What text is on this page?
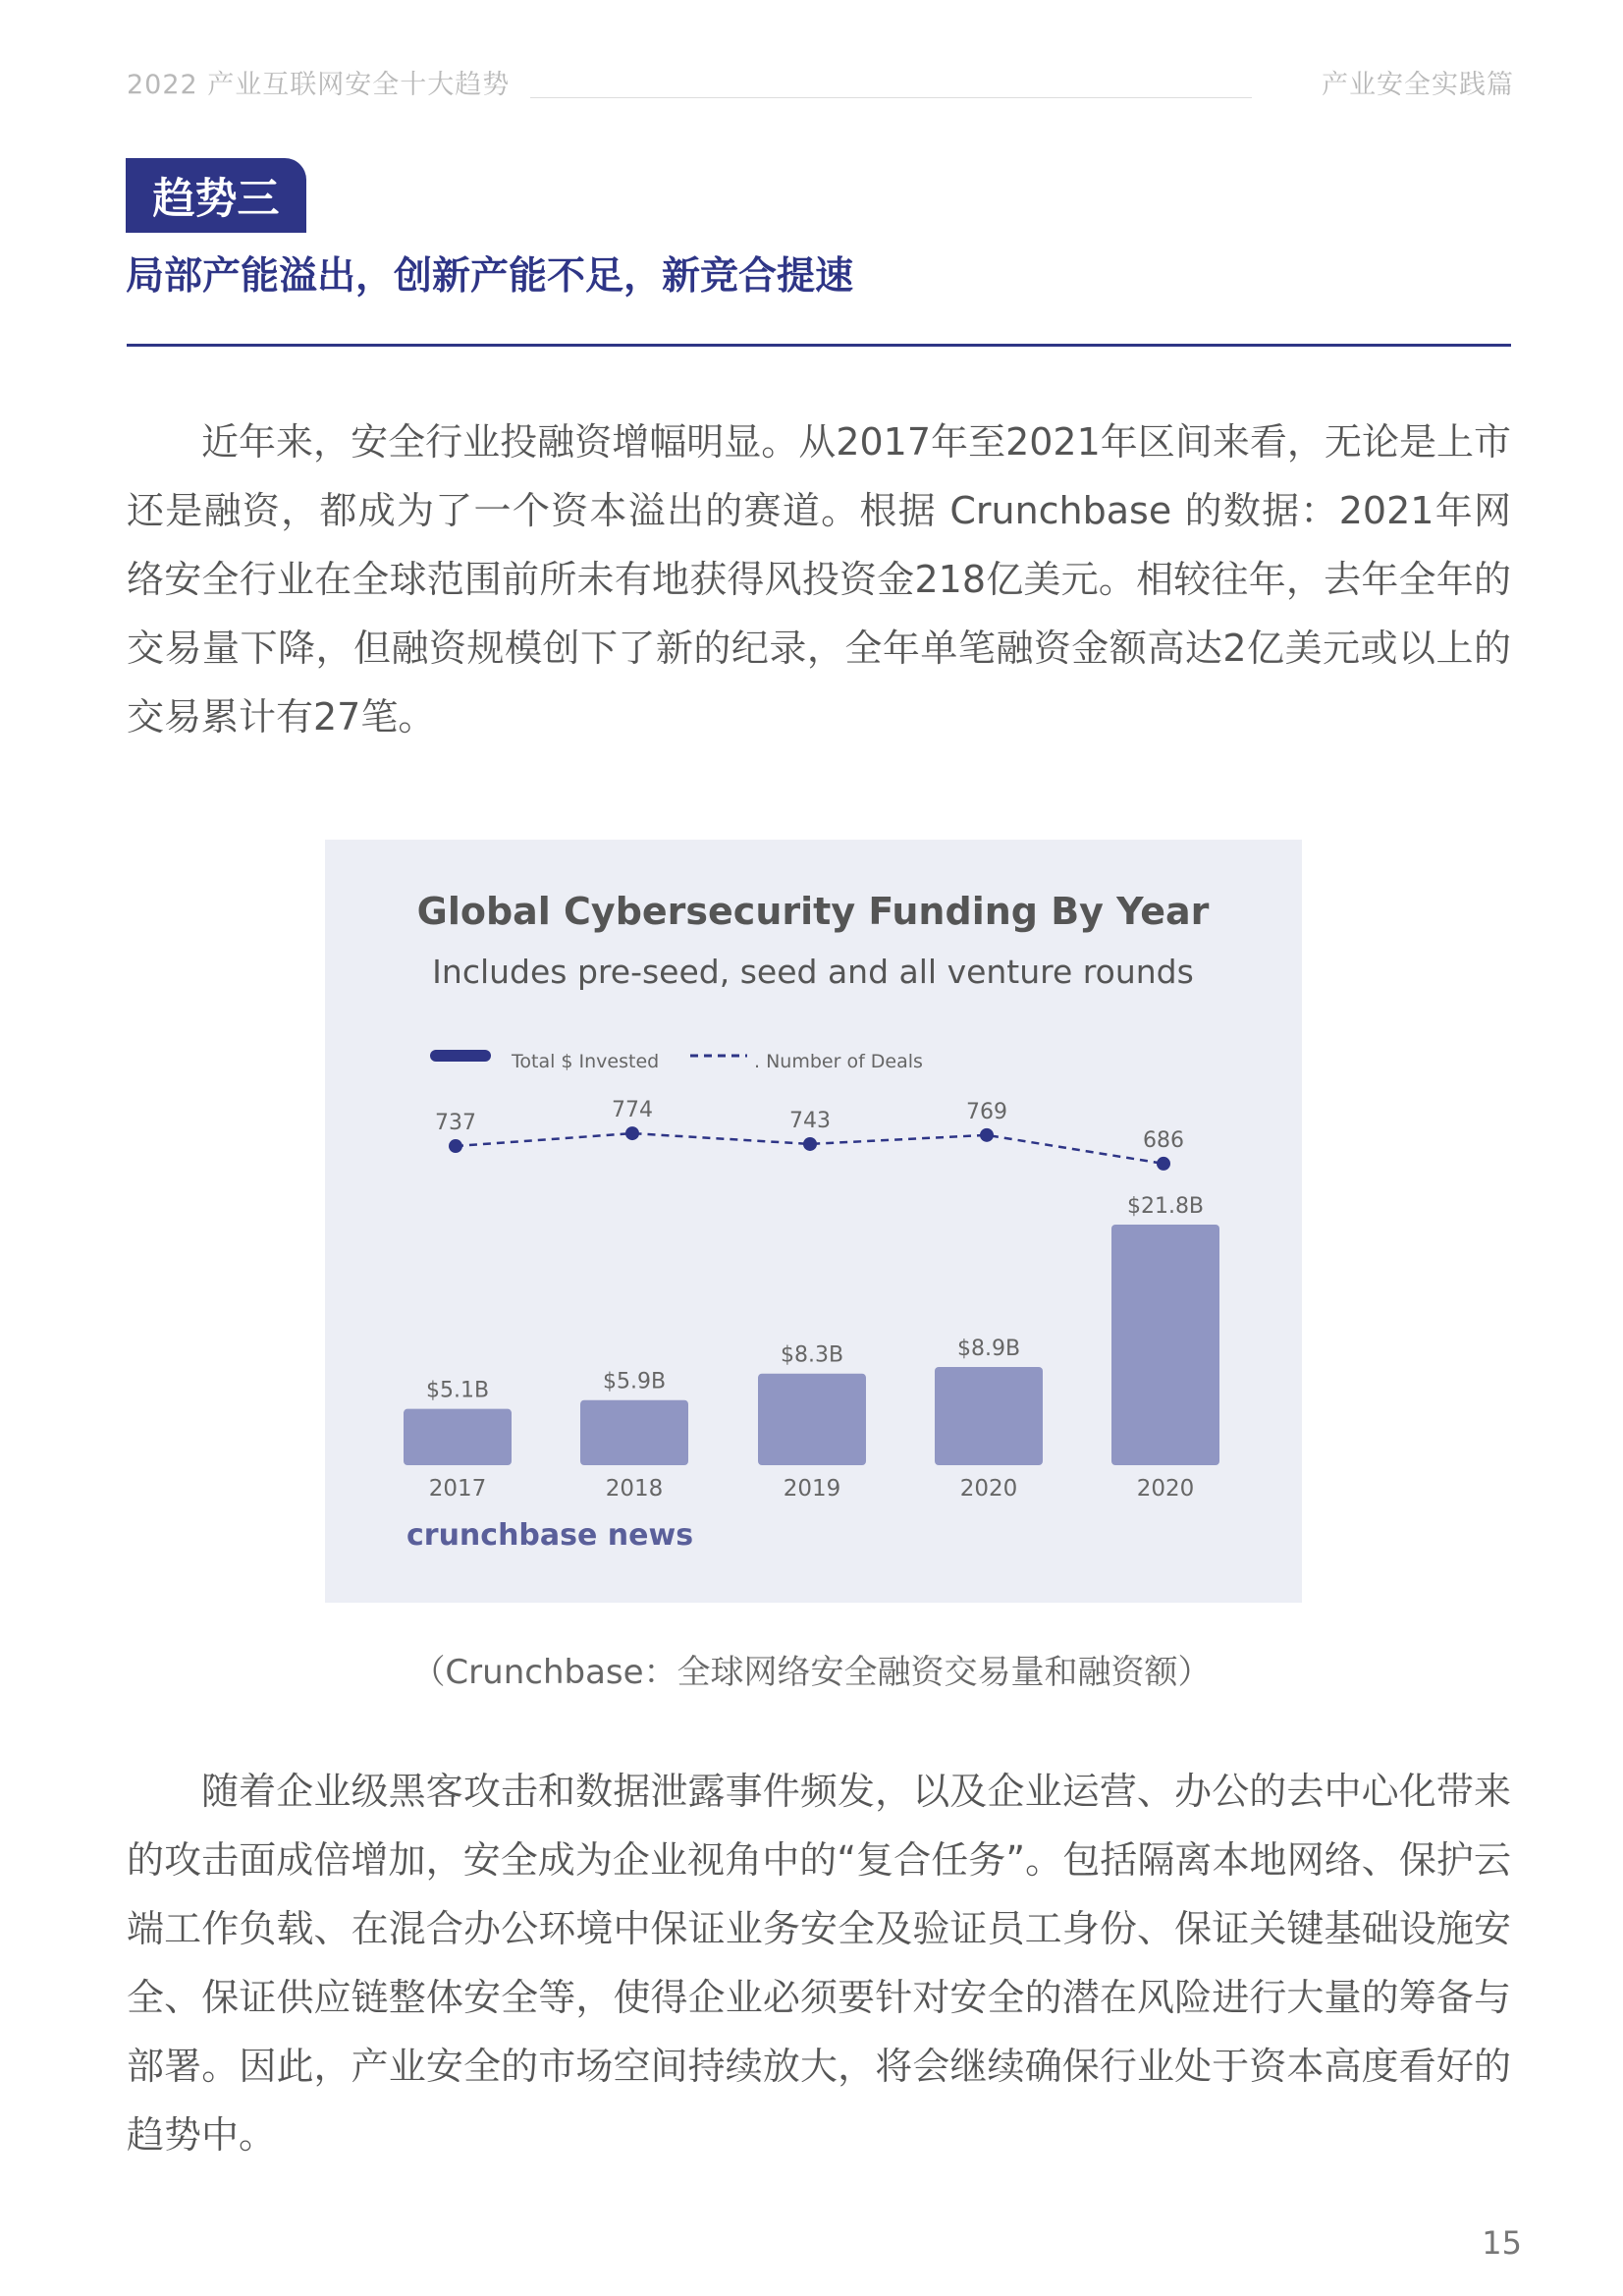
2022 产业互联网安全十大趋势	产业安全实践篇
趋势三
局部产能溢出，创新产能不足，新竞合提速

近年来，安全行业投融资增幅明显。从2017年至2021年区间来看，无论是上市还是融资，都成为了一个资本溢出的赛道。根据 Crunchbase 的数据：2021年网络安全行业在全球范围前所未有地获得风投资金218亿美元。相较往年，去年全年的交易量下降，但融资规模创下了新的纪录，全年单笔融资金额高达2亿美元或以上的交易累计有27笔。

Global Cybersecurity Funding By Year
Includes pre-seed, seed and all venture rounds
Total $ Invested	. Number of Deals
737
774	743	769
686
$5.1B
2017
$5.9B
2018
$8.3B
2019
$8.9B
2020
$21.8B
2020
crunchbase news
（Crunchbase：全球网络安全融资交易量和融资额）

随着企业级黑客攻击和数据泄露事件频发，以及企业运营、办公的去中心化带来的攻击面成倍增加，安全成为企业视角中的“复合任务”。包括隔离本地网络、保护云端工作负载、在混合办公环境中保证业务安全及验证员工身份、保证关键基础设施安全、保证供应链整体安全等，使得企业必须要针对安全的潜在风险进行大量的筹备与部署。因此，产业安全的市场空间持续放大，将会继续确保行业处于资本高度看好的趋势中。

15
